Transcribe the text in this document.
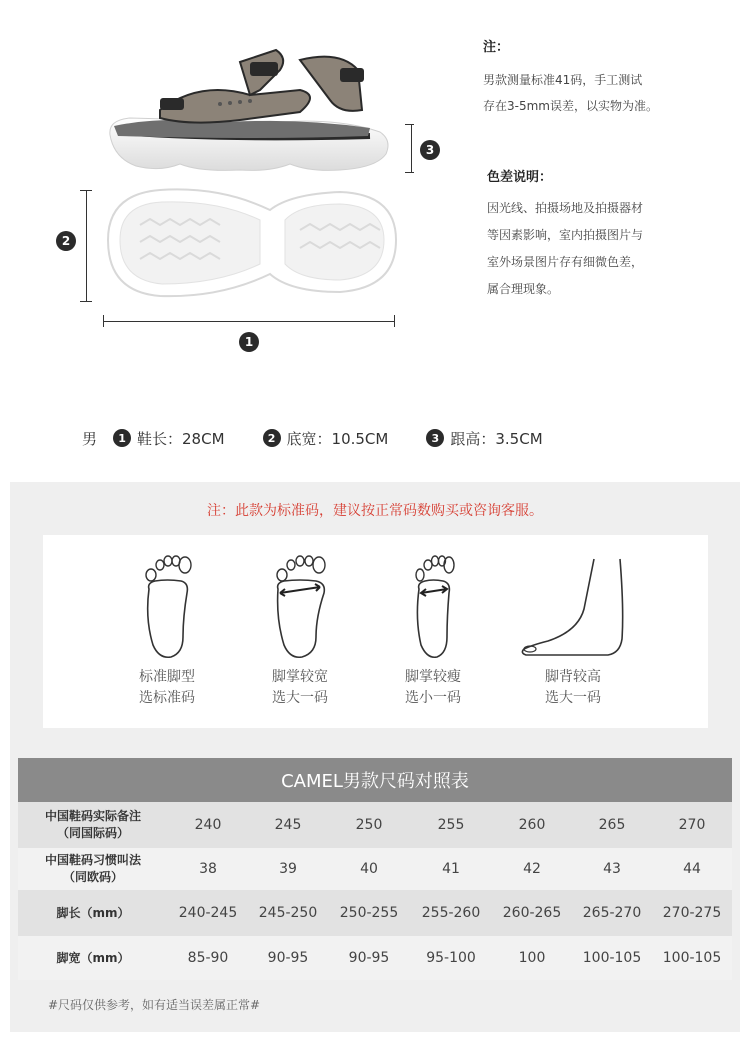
3
2
1
注：
男款测量标准41码，手工测试
存在3-5mm误差，以实物为准。
色差说明：
因光线、拍摄场地及拍摄器材
等因素影响，室内拍摄图片与
室外场景图片存有细微色差，
属合理现象。
男	1 鞋长：28CM	2 底宽：10.5CM	3 跟高：3.5CM
注：此款为标准码，建议按正常码数购买或咨询客服。
标准脚型
选标准码
脚掌较宽
选大一码
脚掌较瘦
选小一码
脚背较高
选大一码
CAMEL男款尺码对照表
中国鞋码实际备注
（同国际码）	240	245	250	255	260	265	270

中国鞋码习惯叫法
（同欧码）	38	39	40	41	42	43	44

脚长（mm）	240-245	245-250	250-255	255-260	260-265	265-270	270-275

脚宽（mm）	85-90	90-95	90-95	95-100	100	100-105	100-105
#尺码仅供参考，如有适当误差属正常#
